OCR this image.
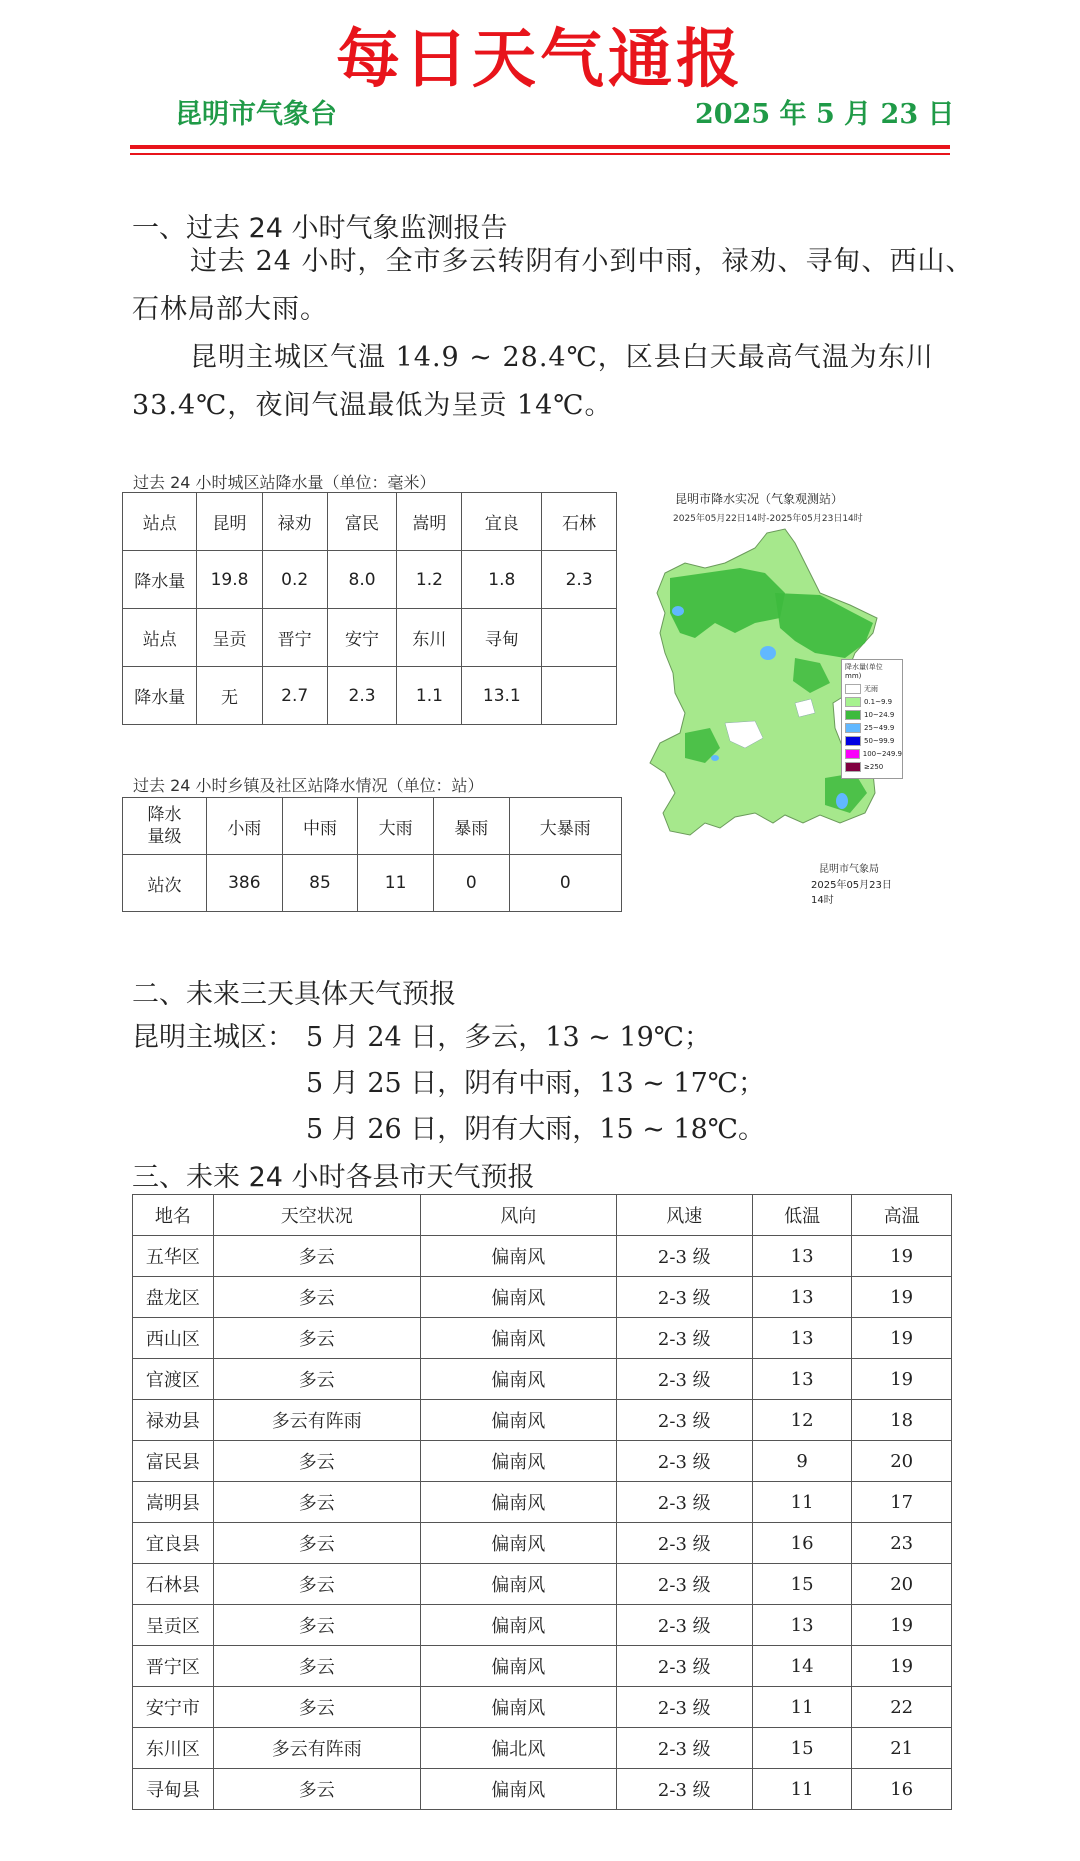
每日天气通报
昆明市气象台	2025 年 5 月 23 日
一、过去 24 小时气象监测报告
过去 24 小时，全市多云转阴有小到中雨，禄劝、寻甸、西山、
石林局部大雨。
昆明主城区气温 14.9 ~ 28.4℃，区县白天最高气温为东川
33.4℃，夜间气温最低为呈贡 14℃。
过去 24 小时城区站降水量（单位：毫米）
站点	昆明	禄劝	富民	嵩明	宜良	石林
降水量	19.8	0.2	8.0	1.2	1.8	2.3
站点	呈贡	晋宁	安宁	东川	寻甸	
降水量	无	2.7	2.3	1.1	13.1	
过去 24 小时乡镇及社区站降水情况（单位：站）
降水
量级	小雨	中雨	大雨	暴雨	大暴雨
站次	386	85	11	0	0
昆明市降水实况（气象观测站）
2025年05月22日14时-2025年05月23日14时
降水量(单位mm)
无雨
0.1~9.9
10~24.9
25~49.9
50~99.9
100~249.9
≥250
昆明市气象局
2025年05月23日 14时
二、未来三天具体天气预报
昆明主城区： 5 月 24 日，多云，13 ~ 19℃；
5 月 25 日，阴有中雨，13 ~ 17℃；
5 月 26 日，阴有大雨，15 ~ 18℃。
三、未来 24 小时各县市天气预报
地名	天空状况	风向	风速	低温	高温
五华区	多云	偏南风	2-3 级	13	19
盘龙区	多云	偏南风	2-3 级	13	19
西山区	多云	偏南风	2-3 级	13	19
官渡区	多云	偏南风	2-3 级	13	19
禄劝县	多云有阵雨	偏南风	2-3 级	12	18
富民县	多云	偏南风	2-3 级	9	20
嵩明县	多云	偏南风	2-3 级	11	17
宜良县	多云	偏南风	2-3 级	16	23
石林县	多云	偏南风	2-3 级	15	20
呈贡区	多云	偏南风	2-3 级	13	19
晋宁区	多云	偏南风	2-3 级	14	19
安宁市	多云	偏南风	2-3 级	11	22
东川区	多云有阵雨	偏北风	2-3 级	15	21
寻甸县	多云	偏南风	2-3 级	11	16
